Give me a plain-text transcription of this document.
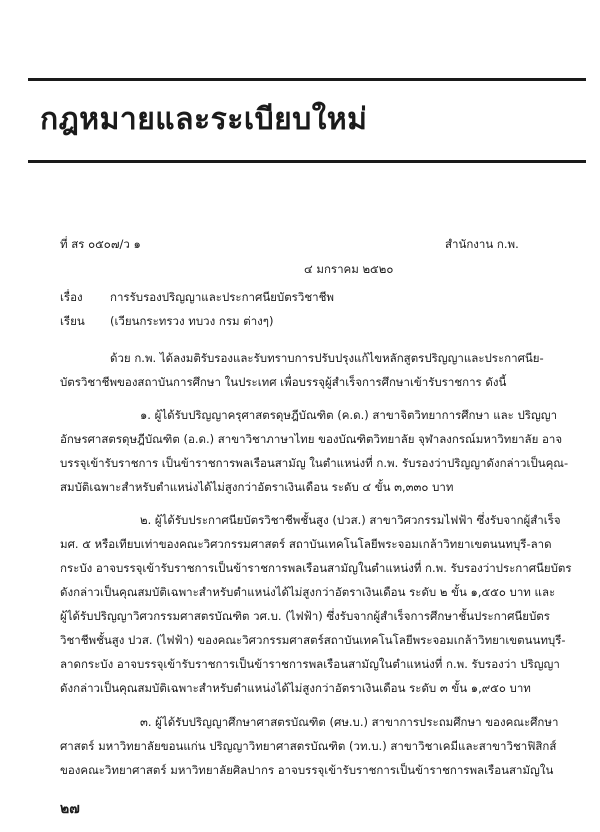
กฎหมายและระเบียบใหม่
ที่ สร ๐๕๐๗/ว ๑	สำนักงาน ก.พ.
๔ มกราคม ๒๕๒๐
เรื่อง การรับรองปริญญาและประกาศนียบัตรวิชาชีพ
เรียน (เวียนกระทรวง ทบวง กรม ต่างๆ)
ด้วย ก.พ. ได้ลงมติรับรองและรับทราบการปรับปรุงแก้ไขหลักสูตรปริญญาและประกาศนีย-
บัตรวิชาชีพของสถาบันการศึกษา ในประเทศ เพื่อบรรจุผู้สำเร็จการศึกษาเข้ารับราชการ ดังนี้
๑. ผู้ได้รับปริญญาครุศาสตรดุษฎีบัณฑิต (ค.ด.) สาขาจิตวิทยาการศึกษา และ ปริญญา
อักษรศาสตรดุษฎีบัณฑิต (อ.ด.) สาขาวิชาภาษาไทย ของบัณฑิตวิทยาลัย จุฬาลงกรณ์มหาวิทยาลัย อาจ
บรรจุเข้ารับราชการ เป็นข้าราชการพลเรือนสามัญ ในตำแหน่งที่ ก.พ. รับรองว่าปริญญาดังกล่าวเป็นคุณ-
สมบัติเฉพาะสำหรับตำแหน่งได้ไม่สูงกว่าอัตราเงินเดือน ระดับ ๔ ขั้น ๓,๓๓๐ บาท
๒. ผู้ได้รับประกาศนียบัตรวิชาชีพชั้นสูง (ปวส.) สาขาวิศวกรรมไฟฟ้า ซึ่งรับจากผู้สำเร็จ
มศ. ๕ หรือเทียบเท่าของคณะวิศวกรรมศาสตร์ สถาบันเทคโนโลยีพระจอมเกล้าวิทยาเขตนนทบุรี-ลาด
กระบัง อาจบรรจุเข้ารับราชการเป็นข้าราชการพลเรือนสามัญในตำแหน่งที่ ก.พ. รับรองว่าประกาศนียบัตร
ดังกล่าวเป็นคุณสมบัติเฉพาะสำหรับตำแหน่งได้ไม่สูงกว่าอัตราเงินเดือน ระดับ ๒ ขั้น ๑,๕๕๐ บาท และ
ผู้ได้รับปริญญาวิศวกรรมศาสตรบัณฑิต วศ.บ. (ไฟฟ้า) ซึ่งรับจากผู้สำเร็จการศึกษาชั้นประกาศนียบัตร
วิชาชีพชั้นสูง ปวส. (ไฟฟ้า) ของคณะวิศวกรรมศาสตร์สถาบันเทคโนโลยีพระจอมเกล้าวิทยาเขตนนทบุรี-
ลาดกระบัง อาจบรรจุเข้ารับราชการเป็นข้าราชการพลเรือนสามัญในตำแหน่งที่ ก.พ. รับรองว่า ปริญญา
ดังกล่าวเป็นคุณสมบัติเฉพาะสำหรับตำแหน่งได้ไม่สูงกว่าอัตราเงินเดือน ระดับ ๓ ขั้น ๑,๙๕๐ บาท
๓. ผู้ได้รับปริญญาศึกษาศาสตรบัณฑิต (ศษ.บ.) สาขาการประถมศึกษา ของคณะศึกษา
ศาสตร์ มหาวิทยาลัยขอนแก่น ปริญญาวิทยาศาสตรบัณฑิต (วท.บ.) สาขาวิชาเคมีและสาขาวิชาฟิสิกส์
ของคณะวิทยาศาสตร์ มหาวิทยาลัยศิลปากร อาจบรรจุเข้ารับราชการเป็นข้าราชการพลเรือนสามัญใน
๒๗
